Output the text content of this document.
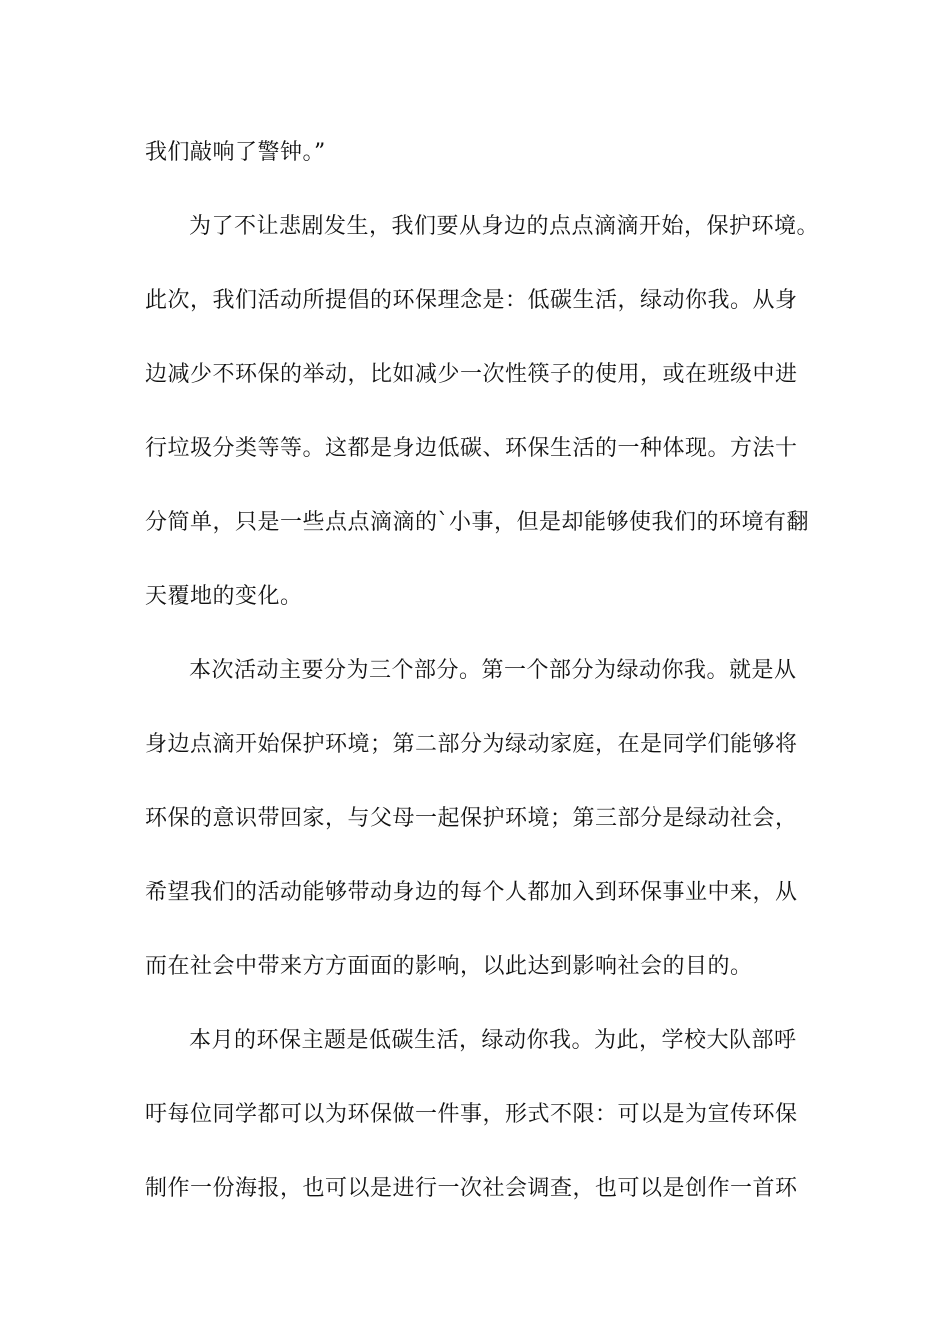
我们敲响了警钟。”
为了不让悲剧发生，我们要从身边的点点滴滴开始，保护环境。
此次，我们活动所提倡的环保理念是：低碳生活，绿动你我。从身
边减少不环保的举动，比如减少一次性筷子的使用，或在班级中进
行垃圾分类等等。这都是身边低碳、环保生活的一种体现。方法十
分简单，只是一些点点滴滴的`小事，但是却能够使我们的环境有翻
天覆地的变化。
本次活动主要分为三个部分。第一个部分为绿动你我。就是从
身边点滴开始保护环境；第二部分为绿动家庭，在是同学们能够将
环保的意识带回家，与父母一起保护环境；第三部分是绿动社会，
希望我们的活动能够带动身边的每个人都加入到环保事业中来，从
而在社会中带来方方面面的影响，以此达到影响社会的目的。
本月的环保主题是低碳生活，绿动你我。为此，学校大队部呼
吁每位同学都可以为环保做一件事，形式不限：可以是为宣传环保
制作一份海报，也可以是进行一次社会调查，也可以是创作一首环
